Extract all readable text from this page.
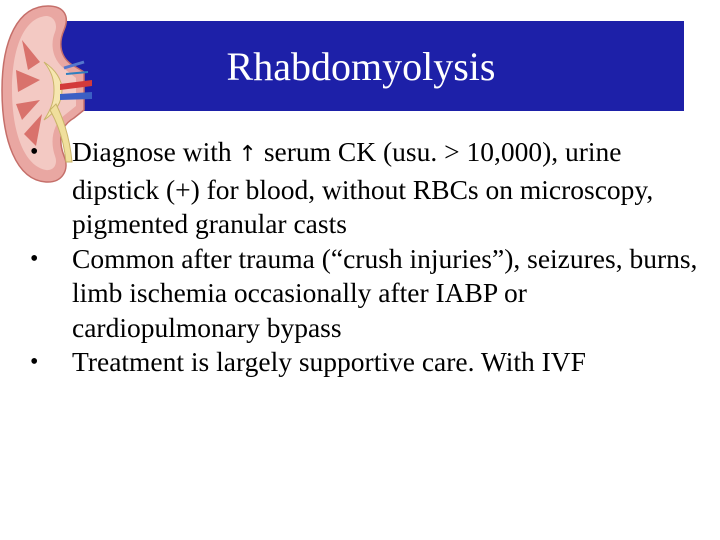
Rhabdomyolysis
•	Diagnose with ↑ serum CK (usu. > 10,000), urine dipstick (+) for blood, without RBCs on microscopy, pigmented granular casts
•	Common after trauma (“crush injuries”), seizures, burns, limb ischemia occasionally after IABP or cardiopulmonary bypass
•	Treatment is largely supportive care. With IVF
